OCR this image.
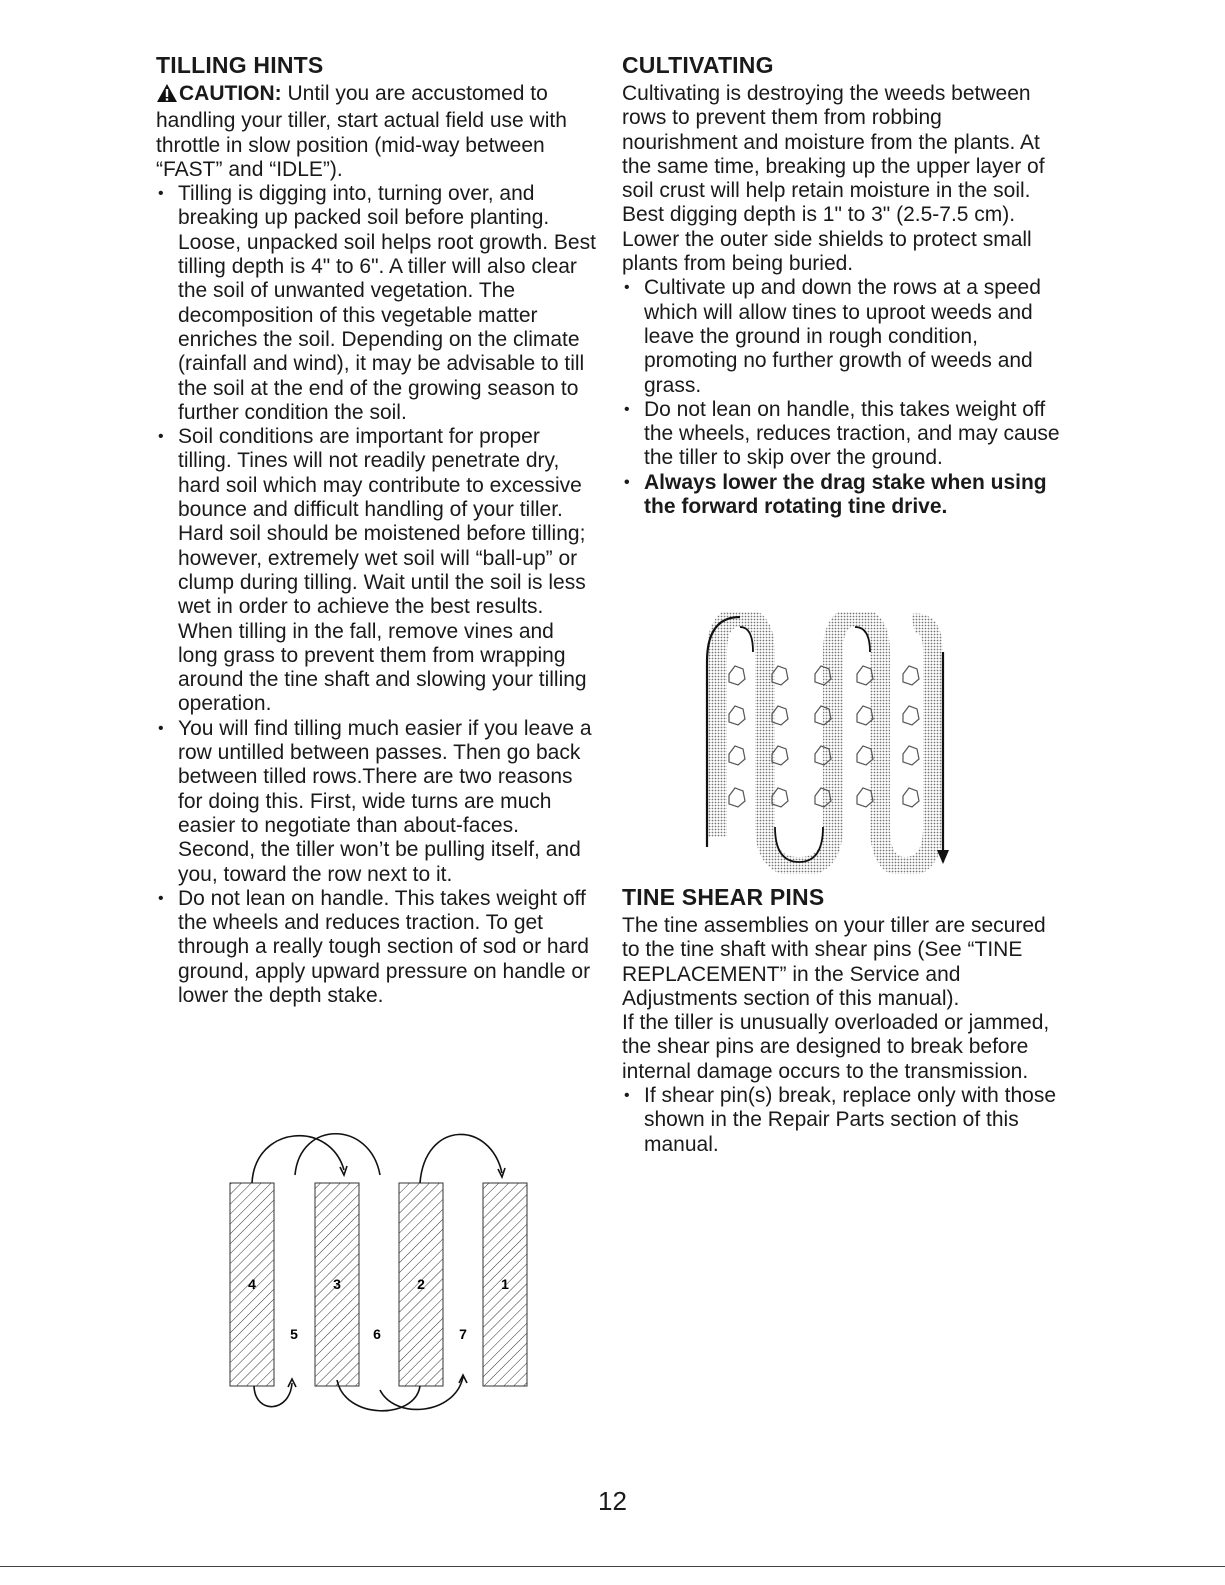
TILLING HINTS

CAUTION: Until you are accustomed to handling your tiller, start actual field use with throttle in slow position (mid-way between “FAST” and “IDLE”).

• Tilling is digging into, turning over, and breaking up packed soil before planting. Loose, unpacked soil helps root growth. Best tilling depth is 4" to 6". A tiller will also clear the soil of unwanted vegetation. The decomposition of this vegetable matter enriches the soil. Depending on the climate (rainfall and wind), it may be advisable to till the soil at the end of the growing season to further condition the soil.
• Soil conditions are important for proper tilling. Tines will not readily penetrate dry, hard soil which may contribute to excessive bounce and difficult handling of your tiller. Hard soil should be moistened before tilling; however, extremely wet soil will “ball-up” or clump during tilling. Wait until the soil is less wet in order to achieve the best results. When tilling in the fall, remove vines and long grass to prevent them from wrapping around the tine shaft and slowing your tilling operation.
• You will find tilling much easier if you leave a row untilled between passes. Then go back between tilled rows.There are two reasons for doing this. First, wide turns are much easier to negotiate than about-faces. Second, the tiller won’t be pulling itself, and you, toward the row next to it.
• Do not lean on handle. This takes weight off the wheels and reduces traction. To get through a really tough section of sod or hard ground, apply upward pressure on handle or lower the depth stake.
4	3	2	1
5	6	7
CULTIVATING

Cultivating is destroying the weeds between rows to prevent them from robbing nourishment and moisture from the plants. At the same time, breaking up the upper layer of soil crust will help retain moisture in the soil. Best digging depth is 1" to 3" (2.5-7.5 cm). Lower the outer side shields to protect small plants from being buried.

• Cultivate up and down the rows at a speed which will allow tines to uproot weeds and leave the ground in rough condition, promoting no further growth of weeds and grass.
• Do not lean on handle, this takes weight off the wheels, reduces traction, and may cause the tiller to skip over the ground.
• Always lower the drag stake when using the forward rotating tine drive.
TINE SHEAR PINS

The tine assemblies on your tiller are secured to the tine shaft with shear pins (See “TINE REPLACEMENT” in the Service and Adjustments section of this manual).

If the tiller is unusually overloaded or jammed, the shear pins are designed to break before internal damage occurs to the transmission.

• If shear pin(s) break, replace only with those shown in the Repair Parts section of this manual.
12
